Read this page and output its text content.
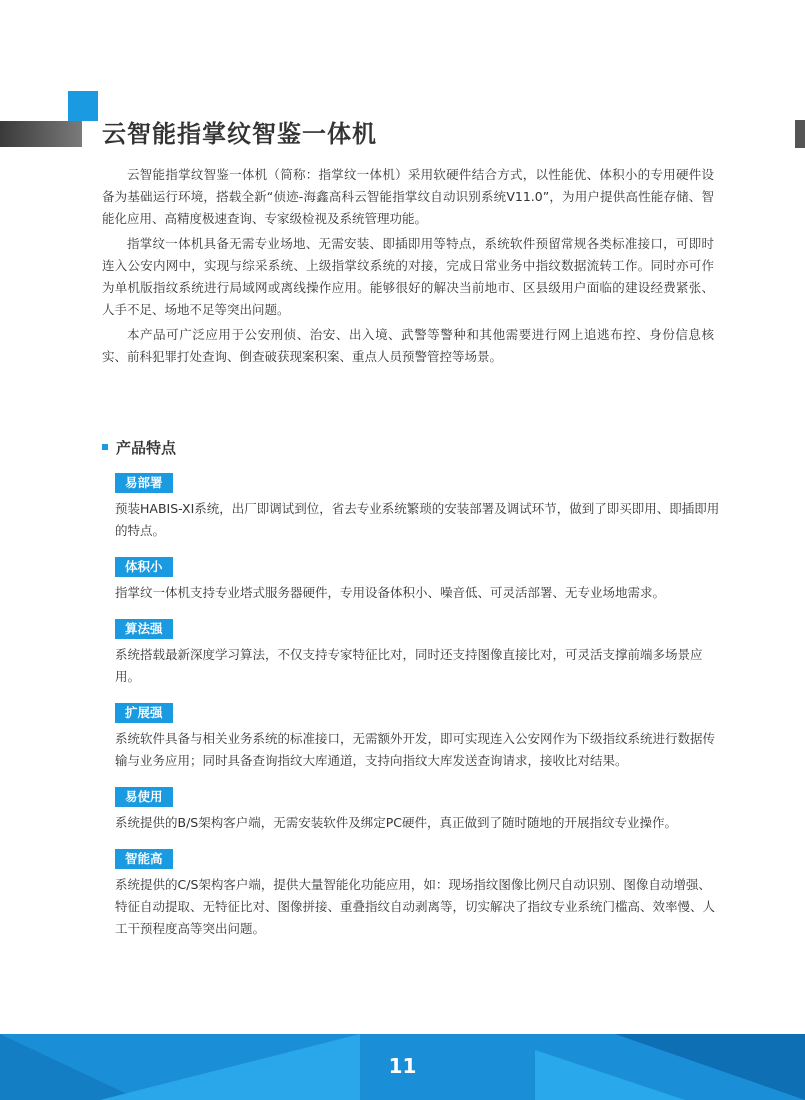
云智能指掌纹智鉴一体机

云智能指掌纹智鉴一体机（简称：指掌纹一体机）采用软硬件结合方式，以性能优、体积小的专用硬件设备为基础运行环境，搭载全新“侦迹-海鑫高科云智能指掌纹自动识别系统V11.0”，为用户提供高性能存储、智能化应用、高精度极速查询、专家级检视及系统管理功能。

指掌纹一体机具备无需专业场地、无需安装、即插即用等特点，系统软件预留常规各类标准接口，可即时连入公安内网中，实现与综采系统、上级指掌纹系统的对接，完成日常业务中指纹数据流转工作。同时亦可作为单机版指纹系统进行局域网或离线操作应用。能够很好的解决当前地市、区县级用户面临的建设经费紧张、人手不足、场地不足等突出问题。

本产品可广泛应用于公安刑侦、治安、出入境、武警等警种和其他需要进行网上追逃布控、身份信息核实、前科犯罪打处查询、倒查破获现案积案、重点人员预警管控等场景。

产品特点
易部署

预装HABIS-XI系统，出厂即调试到位，省去专业系统繁琐的安装部署及调试环节，做到了即买即用、即插即用的特点。

体积小

指掌纹一体机支持专业塔式服务器硬件，专用设备体积小、噪音低、可灵活部署、无专业场地需求。

算法强

系统搭载最新深度学习算法，不仅支持专家特征比对，同时还支持图像直接比对，可灵活支撑前端多场景应用。

扩展强

系统软件具备与相关业务系统的标准接口，无需额外开发，即可实现连入公安网作为下级指纹系统进行数据传输与业务应用；同时具备查询指纹大库通道，支持向指纹大库发送查询请求，接收比对结果。

易使用

系统提供的B/S架构客户端，无需安装软件及绑定PC硬件，真正做到了随时随地的开展指纹专业操作。

智能高

系统提供的C/S架构客户端，提供大量智能化功能应用，如：现场指纹图像比例尺自动识别、图像自动增强、特征自动提取、无特征比对、图像拼接、重叠指纹自动剥离等，切实解决了指纹专业系统门槛高、效率慢、人工干预程度高等突出问题。

11
